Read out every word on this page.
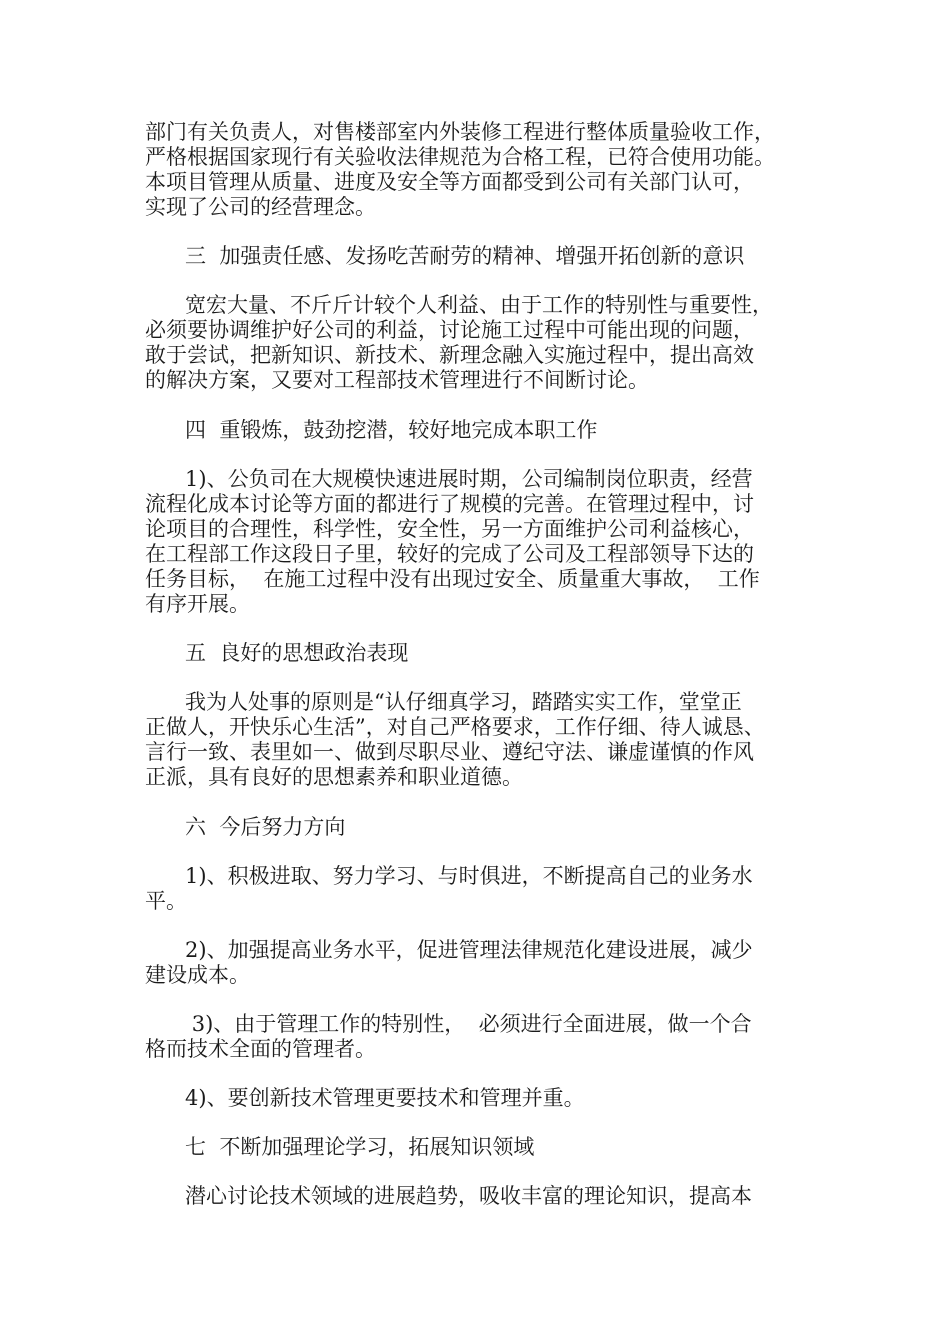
部门有关负责人，对售楼部室内外装修工程进行整体质量验收工作，
严格根据国家现行有关验收法律规范为合格工程，已符合使用功能。
本项目管理从质量、进度及安全等方面都受到公司有关部门认可，
实现了公司的经营理念。
三  加强责任感、发扬吃苦耐劳的精神、增强开拓创新的意识
宽宏大量、不斤斤计较个人利益、由于工作的特别性与重要性，
必须要协调维护好公司的利益，讨论施工过程中可能出现的问题，
敢于尝试，把新知识、新技术、新理念融入实施过程中，提出高效
的解决方案，又要对工程部技术管理进行不间断讨论。
四  重锻炼，鼓劲挖潜，较好地完成本职工作
1)、公负司在大规模快速进展时期，公司编制岗位职责，经营
流程化成本讨论等方面的都进行了规模的完善。在管理过程中，讨
论项目的合理性，科学性，安全性，另一方面维护公司利益核心，
在工程部工作这段日子里，较好的完成了公司及工程部领导下达的
任务目标，  在施工过程中没有出现过安全、质量重大事故，  工作
有序开展。
五  良好的思想政治表现
我为人处事的原则是“认仔细真学习，踏踏实实工作，堂堂正
正做人，开快乐心生活”，对自己严格要求，工作仔细、待人诚恳、
言行一致、表里如一、做到尽职尽业、遵纪守法、谦虚谨慎的作风
正派，具有良好的思想素养和职业道德。
六  今后努力方向
1)、积极进取、努力学习、与时俱进，不断提高自己的业务水
平。
2)、加强提高业务水平，促进管理法律规范化建设进展，减少
建设成本。
3)、由于管理工作的特别性，  必须进行全面进展，做一个合
格而技术全面的管理者。
4)、要创新技术管理更要技术和管理并重。
七  不断加强理论学习，拓展知识领域
潜心讨论技术领域的进展趋势，吸收丰富的理论知识，提高本
